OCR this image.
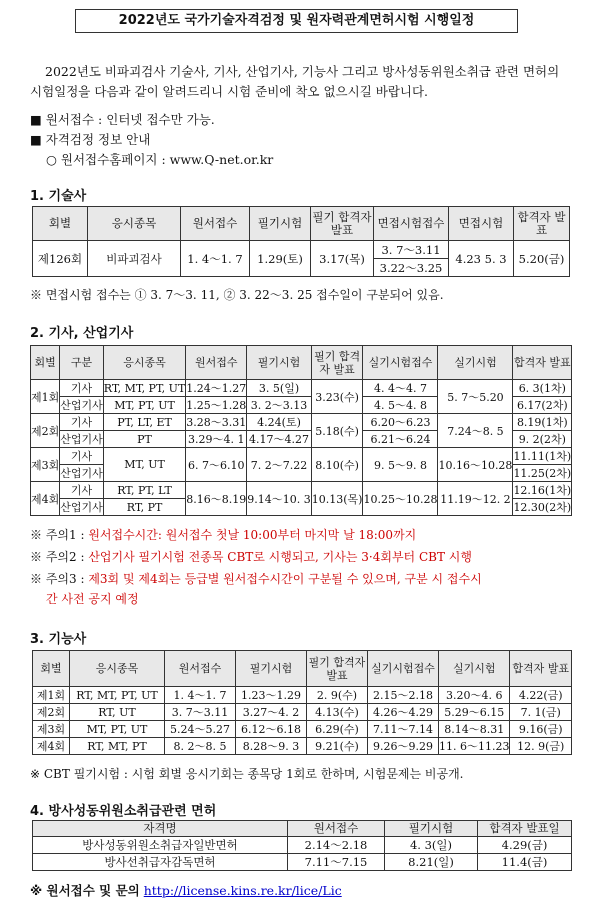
2022년도 국가기술자격검정 및 원자력관계면허시험 시행일정
2022년도 비파괴검사 기술사, 기사, 산업기사, 기능사 그리고 방사성동위원소취급 관련 면허의 시험일정을 다음과 같이 알려드리니 시험 준비에 착오 없으시길 바랍니다.
■ 원서접수 : 인터넷 접수만 가능.
■ 자격검정 정보 안내
○ 원서접수홈페이지 : www.Q-net.or.kr
1. 기술사
회별	응시종목	원서접수	필기시험	필기 합격자 발표	면접시험접수	면접시험	합격자 발표
제126회	비파괴검사	1. 4～1. 7	1.29(토)	3.17(목)	3. 7～3.11	4.23 5. 3	5.20(금)
					3.22～3.25		
※ 면접시험 접수는 ① 3. 7～3. 11, ② 3. 22～3. 25 접수일이 구분되어 있음.
2. 기사, 산업기사
회별	구분	응시종목	원서접수	필기시험	필기 합격자 발표	실기시험접수	실기시험	합격자 발표
제1회	기사	RT, MT, PT, UT	1.24～1.27	3. 5(일)	3.23(수)	4. 4～4. 7	5. 7～5.20	6. 3(1차)
	산업기사	MT, PT, UT	1.25～1.28	3. 2～3.13		4. 5～4. 8		6.17(2차)
제2회	기사	PT, LT, ET	3.28～3.31	4.24(토)	5.18(수)	6.20～6.23	7.24～8. 5	8.19(1차)
	산업기사	PT	3.29～4. 1	4.17～4.27		6.21～6.24		9. 2(2차)
제3회	기사	MT, UT	6. 7～6.10	7. 2～7.22	8.10(수)	9. 5～9. 8	10.16～10.28	11.11(1차)
	산업기사							11.25(2차)
제4회	기사	RT, PT, LT	8.16～8.19	9.14～10. 3	10.13(목)	10.25～10.28	11.19～12. 2	12.16(1차)
	산업기사	RT, PT						12.30(2차)
※ 주의1 : 원서접수시간: 원서접수 첫날 10:00부터 마지막 날 18:00까지
※ 주의2 : 산업기사 필기시험 전종목 CBT로 시행되고, 기사는 3·4회부터 CBT 시행
※ 주의3 : 제3회 및 제4회는 등급별 원서접수시간이 구분될 수 있으며, 구분 시 접수시
간 사전 공지 예정
3. 기능사
회별	응시종목	원서접수	필기시험	필기 합격자 발표	실기시험접수	실기시험	합격자 발표
제1회	RT, MT, PT, UT	1. 4～1. 7	1.23～1.29	2. 9(수)	2.15～2.18	3.20～4. 6	4.22(금)
제2회	RT, UT	3. 7～3.11	3.27～4. 2	4.13(수)	4.26～4.29	5.29～6.15	7. 1(금)
제3회	MT, PT, UT	5.24～5.27	6.12～6.18	6.29(수)	7.11～7.14	8.14～8.31	9.16(금)
제4회	RT, MT, PT	8. 2～8. 5	8.28～9. 3	9.21(수)	9.26～9.29	11. 6～11.23	12. 9(금)
※ CBT 필기시험 : 시험 회별 응시기회는 종목당 1회로 한하며, 시험문제는 비공개.
4. 방사성동위원소취급관련 면허
자격명	원서접수	필기시험	합격자 발표일
방사성동위원소취급자일반면허	2.14～2.18	4. 3(일)	4.29(금)
방사선취급자감독면허	7.11～7.15	8.21(일)	11.4(금)
※ 원서접수 및 문의 http://license.kins.re.kr/lice/Lic
